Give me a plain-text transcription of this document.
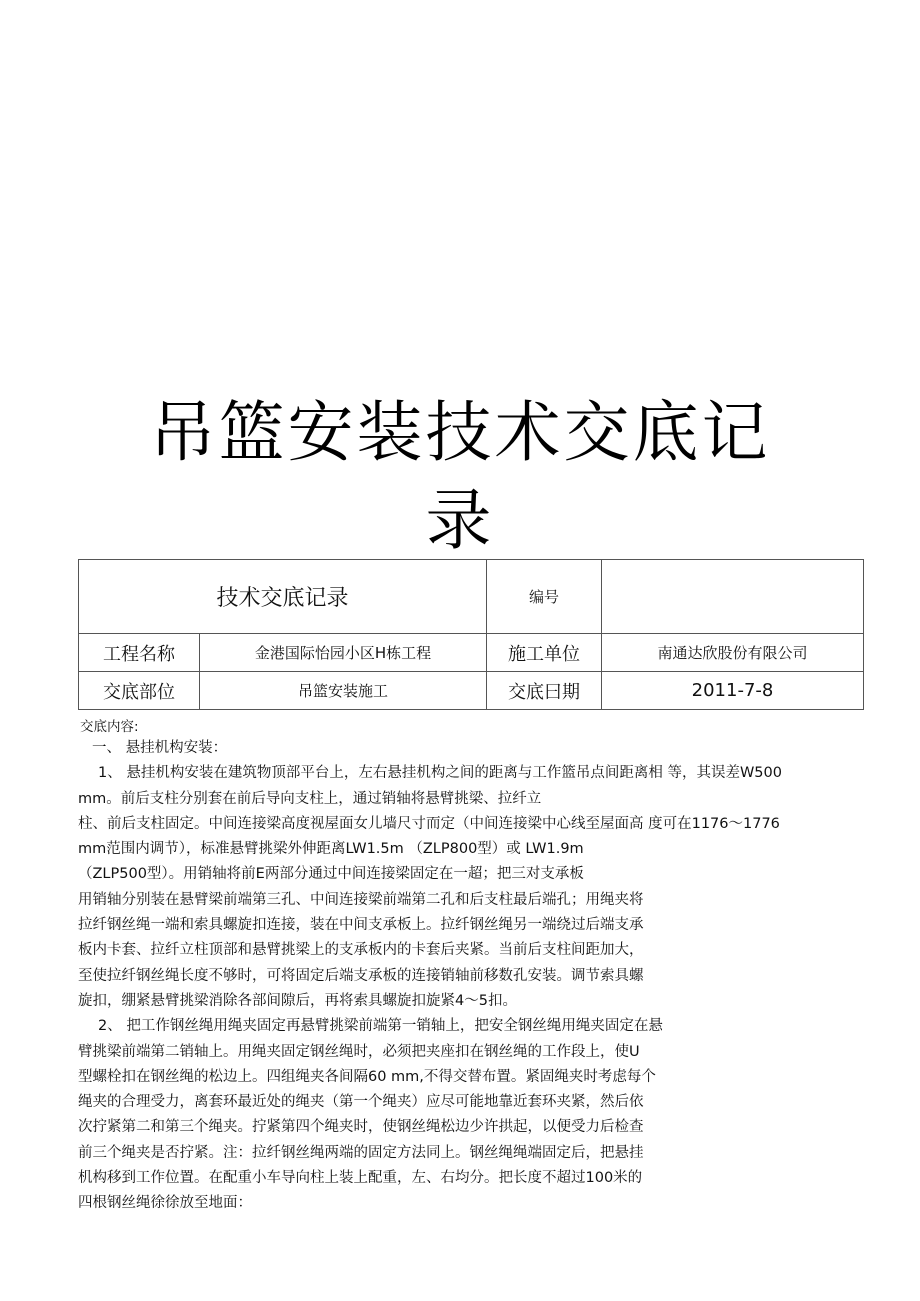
吊篮安装技术交底记
录
技术交底记录		编号	
工程名称	金港国际怡园小区H栋工程	施工单位	南通达欣股份有限公司
交底部位	吊篮安装施工	交底曰期	2011-7-8
交底内容:
一、 悬挂机构安装：
1、 悬挂机构安装在建筑物顶部平台上，左右悬挂机构之间的距离与工作篮吊点间距离相 等，其误差W500
mm。前后支柱分别套在前后导向支柱上，通过销轴将悬臂挑梁、拉纤立
柱、前后支柱固定。中间连接梁高度视屋面女儿墙尺寸而定（中间连接梁中心线至屋面高 度可在1176～1776
mm范围内调节），标准悬臂挑梁外伸距离LW1.5m （ZLP800型）或 LW1.9m
（ZLP500型）。用销轴将前E两部分通过中间连接梁固定在一超；把三对支承板
用销轴分别装在悬臂梁前端第三孔、中间连接梁前端第二孔和后支柱最后端孔；用绳夹将
拉纤钢丝绳一端和索具螺旋扣连接，装在中间支承板上。拉纤钢丝绳另一端绕过后端支承
板内卡套、拉纤立柱顶部和悬臂挑梁上的支承板内的卡套后夹紧。当前后支柱间距加大，
至使拉纤钢丝绳长度不够时，可将固定后端支承板的连接销轴前移数孔安装。调节索具螺
旋扣，绷紧悬臂挑梁消除各部间隙后，再将索具螺旋扣旋紧4～5扣。
2、 把工作钢丝绳用绳夹固定再悬臂挑梁前端第一销轴上，把安全钢丝绳用绳夹固定在悬
臂挑梁前端第二销轴上。用绳夹固定钢丝绳时，必须把夹座扣在钢丝绳的工作段上，使U
型螺栓扣在钢丝绳的松边上。四组绳夹各间隔60 mm,不得交替布置。紧固绳夹时考虑每个
绳夹的合理受力，离套环最近处的绳夹（第一个绳夹）应尽可能地靠近套环夹紧，然后依
次拧紧第二和第三个绳夹。拧紧第四个绳夹时，使钢丝绳松边少许拱起，以便受力后检查
前三个绳夹是否拧紧。注：拉纤钢丝绳两端的固定方法同上。钢丝绳绳端固定后，把悬挂
机构移到工作位置。在配重小车导向柱上装上配重，左、右均分。把长度不超过100米的
四根钢丝绳徐徐放至地面：
